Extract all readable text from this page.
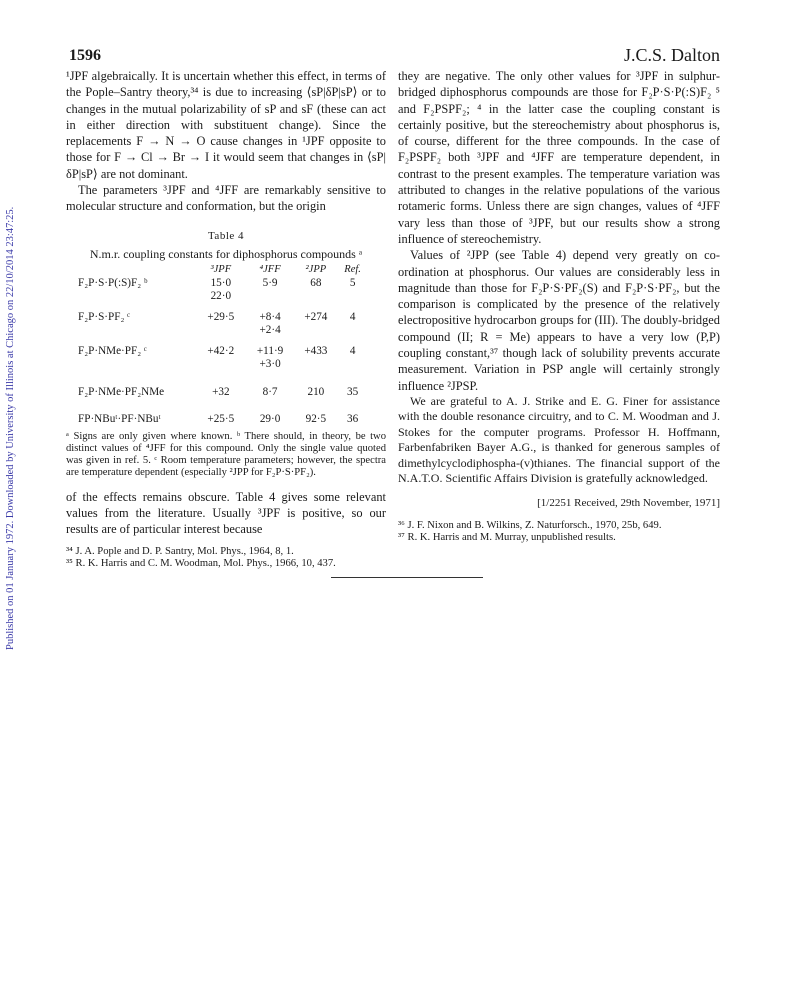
Published on 01 January 1972. Downloaded by University of Illinois at Chicago on 22/10/2014 23:47:25.
1596	J.C.S. Dalton

¹JPF algebraically. It is uncertain whether this effect, in terms of the Pople–Santry theory,³⁴ is due to increasing ⟨sP|δP|sP⟩ or to changes in the mutual polarizability of sP and sF (these can act in either direction with substituent change). Since the replacements F → N → O cause changes in ¹JPF opposite to those for F → Cl → Br → I it would seem that changes in ⟨sP|δP|sP⟩ are not dominant.

The parameters ³JPF and ⁴JFF are remarkably sensitive to molecular structure and conformation, but the origin

Table 4
N.m.r. coupling constants for diphosphorus compounds ᵃ
	³JPF	⁴JFF	²JPP	Ref.
F₂P·S·P(:S)F₂ ᵇ	15·0	5·9	68	5
	22·0			

F₂P·S·PF₂ ᶜ	+29·5	+8·4	+274	4
		+2·4		

F₂P·NMe·PF₂ ᶜ	+42·2	+11·9	+433	4
		+3·0		

F₂P·NMe·PF₂NMe	+32	8·7	210	35

FP·NBuᵗ·PF·NBuᵗ	+25·5	29·0	92·5	36
ᵃ Signs are only given where known. ᵇ There should, in theory, be two distinct values of ⁴JFF for this compound. Only the single value quoted was given in ref. 5. ᶜ Room temperature parameters; however, the spectra are temperature dependent (especially ²JPP for F₂P·S·PF₂).

of the effects remains obscure. Table 4 gives some relevant values from the literature. Usually ³JPF is positive, so our results are of particular interest because

³⁴ J. A. Pople and D. P. Santry, Mol. Phys., 1964, 8, 1.
³⁵ R. K. Harris and C. M. Woodman, Mol. Phys., 1966, 10, 437.

they are negative. The only other values for ³JPF in sulphur-bridged diphosphorus compounds are those for F₂P·S·P(:S)F₂ ⁵ and F₂PSPF₂; ⁴ in the latter case the coupling constant is certainly positive, but the stereochemistry about phosphorus is, of course, different for the three compounds. In the case of F₂PSPF₂ both ³JPF and ⁴JFF are temperature dependent, in contrast to the present examples. The temperature variation was attributed to changes in the relative populations of the various rotameric forms. Unless there are sign changes, values of ⁴JFF vary less than those of ³JPF, but our results show a strong influence of stereochemistry.

Values of ²JPP (see Table 4) depend very greatly on co-ordination at phosphorus. Our values are considerably less in magnitude than those for F₂P·S·PF₂(S) and F₂P·S·PF₂, but the comparison is complicated by the presence of the relatively electropositive hydrocarbon groups for (III). The doubly-bridged compound (II; R = Me) appears to have a very low (P,P) coupling constant,³⁷ though lack of solubility prevents accurate measurement. Variation in PSP angle will certainly strongly influence ²JPSP.

We are grateful to A. J. Strike and E. G. Finer for assistance with the double resonance circuitry, and to C. M. Woodman and J. Stokes for the computer programs. Professor H. Hoffmann, Farbenfabriken Bayer A.G., is thanked for generous samples of dimethylcyclodiphospha-(v)thianes. The financial support of the N.A.T.O. Scientific Affairs Division is gratefully acknowledged.

[1/2251 Received, 29th November, 1971]
³⁶ J. F. Nixon and B. Wilkins, Z. Naturforsch., 1970, 25b, 649.
³⁷ R. K. Harris and M. Murray, unpublished results.
